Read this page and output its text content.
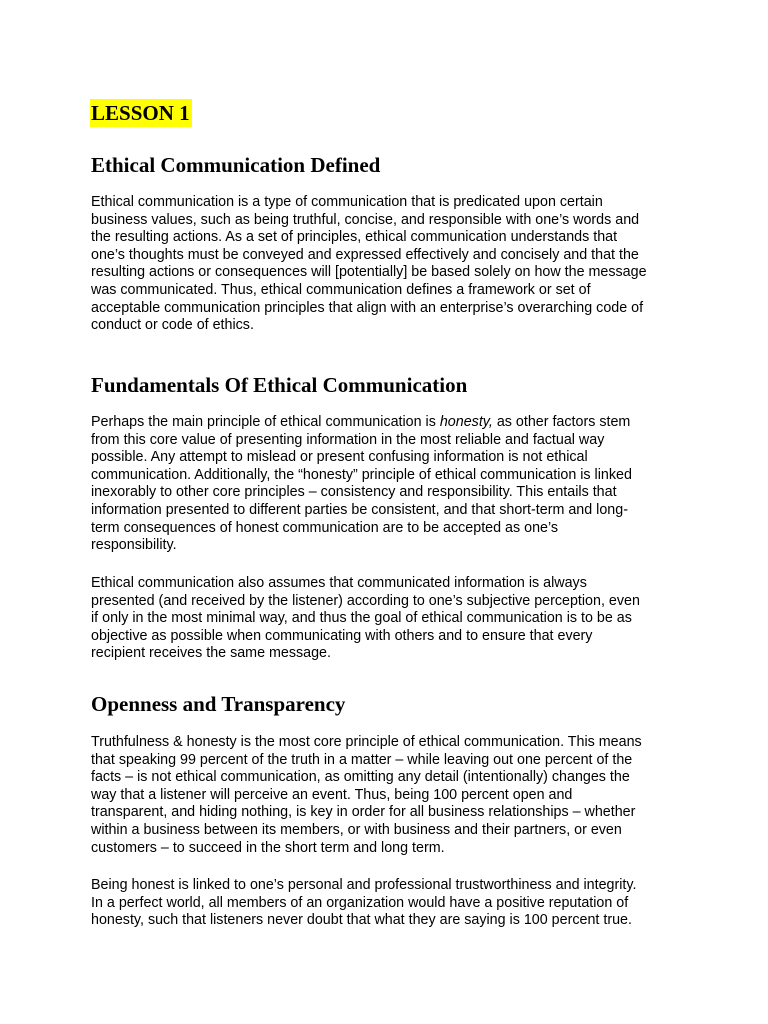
LESSON 1
Ethical Communication Defined
Ethical communication is a type of communication that is predicated upon certain
business values, such as being truthful, concise, and responsible with one’s words and
the resulting actions. As a set of principles, ethical communication understands that
one’s thoughts must be conveyed and expressed effectively and concisely and that the
resulting actions or consequences will [potentially] be based solely on how the message
was communicated. Thus, ethical communication defines a framework or set of
acceptable communication principles that align with an enterprise’s overarching code of
conduct or code of ethics.
Fundamentals Of Ethical Communication
Perhaps the main principle of ethical communication is honesty, as other factors stem
from this core value of presenting information in the most reliable and factual way
possible. Any attempt to mislead or present confusing information is not ethical
communication. Additionally, the “honesty” principle of ethical communication is linked
inexorably to other core principles – consistency and responsibility. This entails that
information presented to different parties be consistent, and that short-term and long-
term consequences of honest communication are to be accepted as one’s
responsibility.
Ethical communication also assumes that communicated information is always
presented (and received by the listener) according to one’s subjective perception, even
if only in the most minimal way, and thus the goal of ethical communication is to be as
objective as possible when communicating with others and to ensure that every
recipient receives the same message.
Openness and Transparency
Truthfulness & honesty is the most core principle of ethical communication. This means
that speaking 99 percent of the truth in a matter – while leaving out one percent of the
facts – is not ethical communication, as omitting any detail (intentionally) changes the
way that a listener will perceive an event. Thus, being 100 percent open and
transparent, and hiding nothing, is key in order for all business relationships – whether
within a business between its members, or with business and their partners, or even
customers – to succeed in the short term and long term.
Being honest is linked to one’s personal and professional trustworthiness and integrity.
In a perfect world, all members of an organization would have a positive reputation of
honesty, such that listeners never doubt that what they are saying is 100 percent true.
